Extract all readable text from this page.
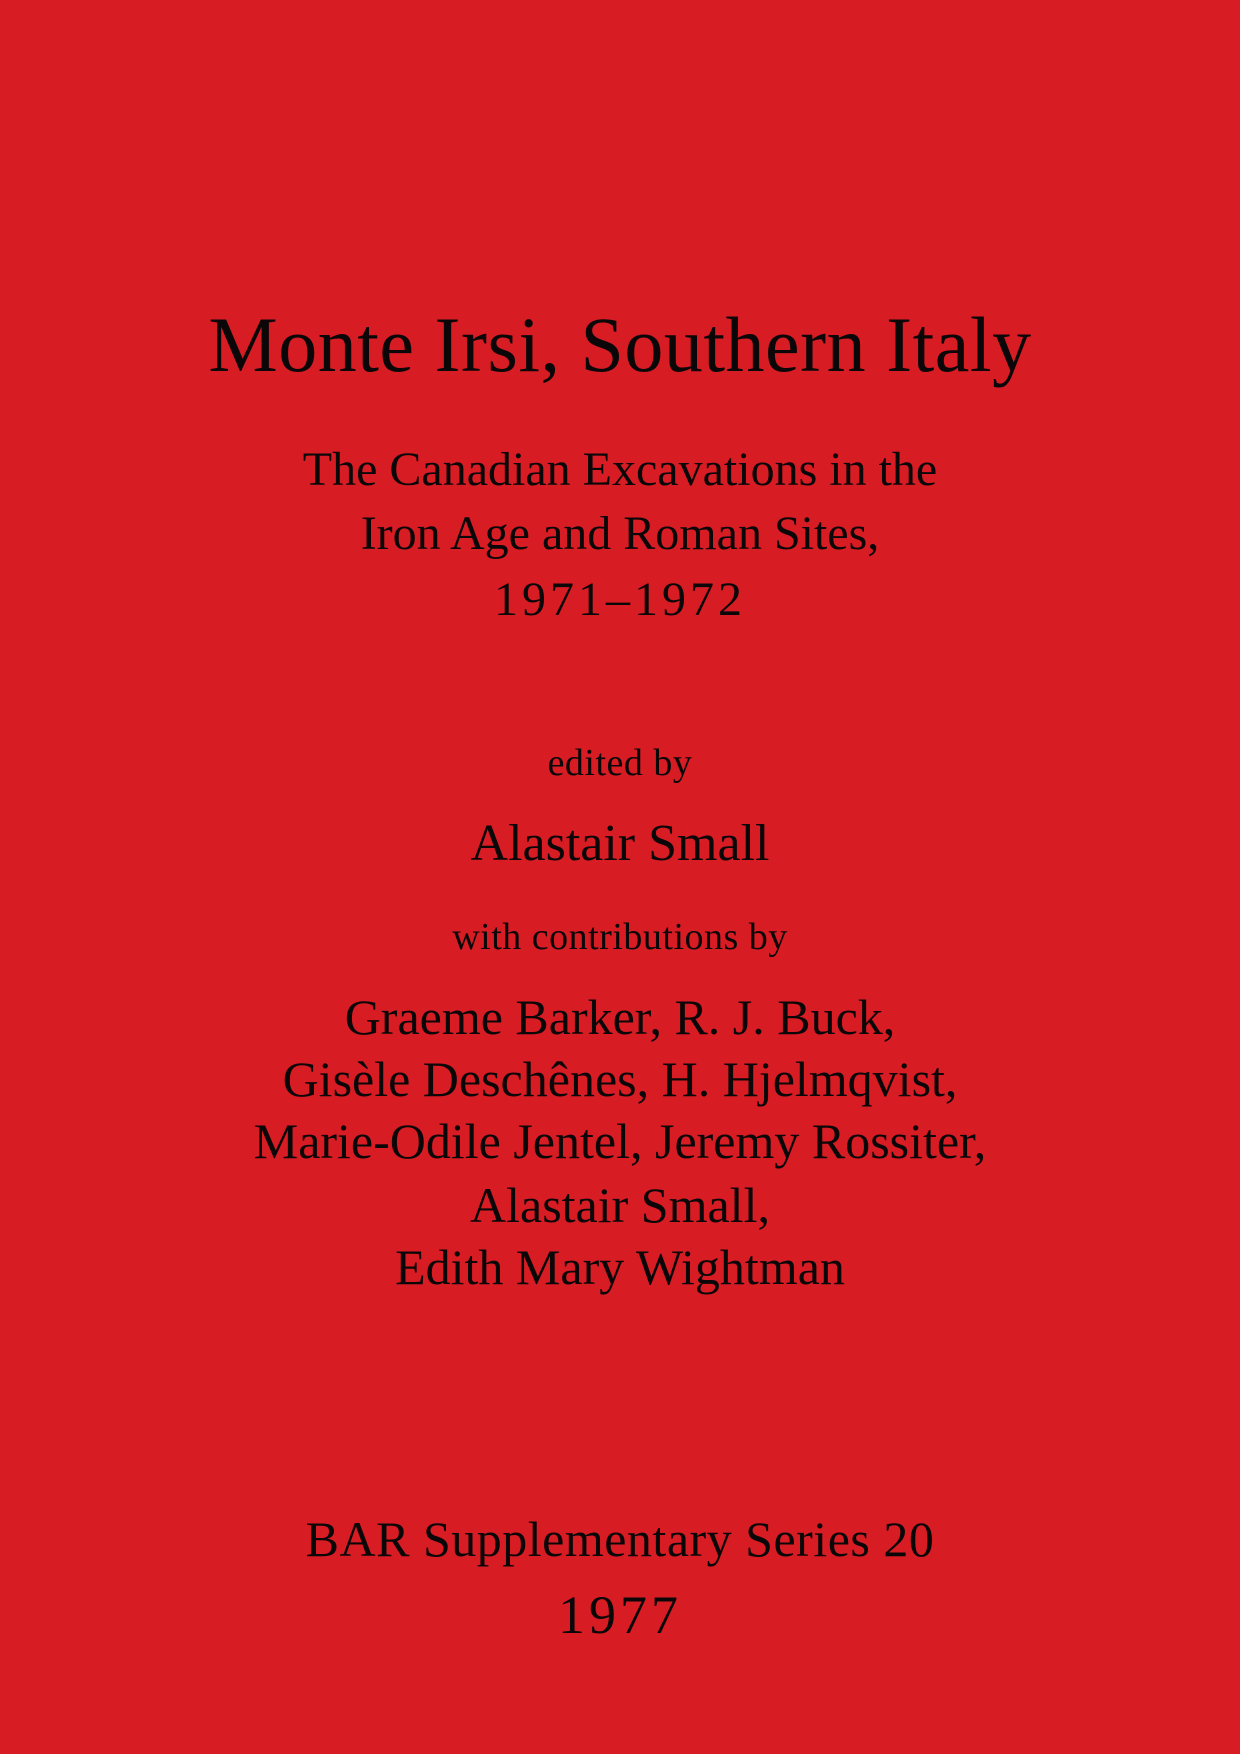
Monte Irsi, Southern Italy
The Canadian Excavations in the
Iron Age and Roman Sites,
1971–1972
edited by
Alastair Small
with contributions by
Graeme Barker, R. J. Buck,
Gisèle Deschênes, H. Hjelmqvist,
Marie-Odile Jentel, Jeremy Rossiter,
Alastair Small,
Edith Mary Wightman
BAR Supplementary Series 20
1977
